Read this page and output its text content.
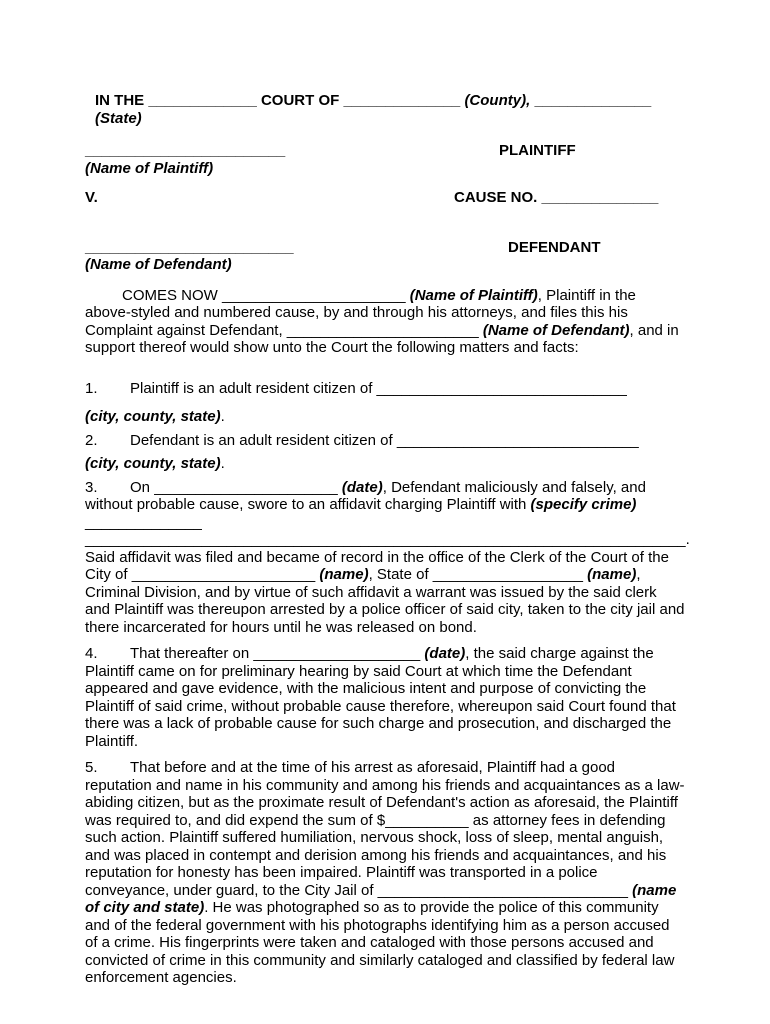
IN THE _____________ COURT OF ______________ (County), ______________ (State)

________________________	PLAINTIFF
(Name of Plaintiff)
V.	CAUSE NO. ______________
_________________________	DEFENDANT
(Name of Defendant)

COMES NOW ______________________ (Name of Plaintiff), Plaintiff in the above-styled and numbered cause, by and through his attorneys, and files this his Complaint against Defendant, _______________________ (Name of Defendant), and in support thereof would show unto the Court the following matters and facts:

1. Plaintiff is an adult resident citizen of ______________________________

(city, county, state).

2. Defendant is an adult resident citizen of _____________________________

(city, county, state).

3. On ______________________ (date), Defendant maliciously and falsely, and without probable cause, swore to an affidavit charging Plaintiff with (specify crime) ______________
________________________________________________________________________.
Said affidavit was filed and became of record in the office of the Clerk of the Court of the City of ______________________ (name), State of __________________ (name), Criminal Division, and by virtue of such affidavit a warrant was issued by the said clerk and Plaintiff was thereupon arrested by a police officer of said city, taken to the city jail and there incarcerated for hours until he was released on bond.

4. That thereafter on ____________________ (date), the said charge against the Plaintiff came on for preliminary hearing by said Court at which time the Defendant appeared and gave evidence, with the malicious intent and purpose of convicting the Plaintiff of said crime, without probable cause therefore, whereupon said Court found that there was a lack of probable cause for such charge and prosecution, and discharged the Plaintiff.

5. That before and at the time of his arrest as aforesaid, Plaintiff had a good reputation and name in his community and among his friends and acquaintances as a law-abiding citizen, but as the proximate result of Defendant's action as aforesaid, the Plaintiff was required to, and did expend the sum of $__________ as attorney fees in defending such action. Plaintiff suffered humiliation, nervous shock, loss of sleep, mental anguish, and was placed in contempt and derision among his friends and acquaintances, and his reputation for honesty has been impaired. Plaintiff was transported in a police conveyance, under guard, to the City Jail of ______________________________ (name of city and state). He was photographed so as to provide the police of this community and of the federal government with his photographs identifying him as a person accused of a crime. His fingerprints were taken and cataloged with those persons accused and convicted of crime in this community and similarly cataloged and classified by federal law enforcement agencies.
